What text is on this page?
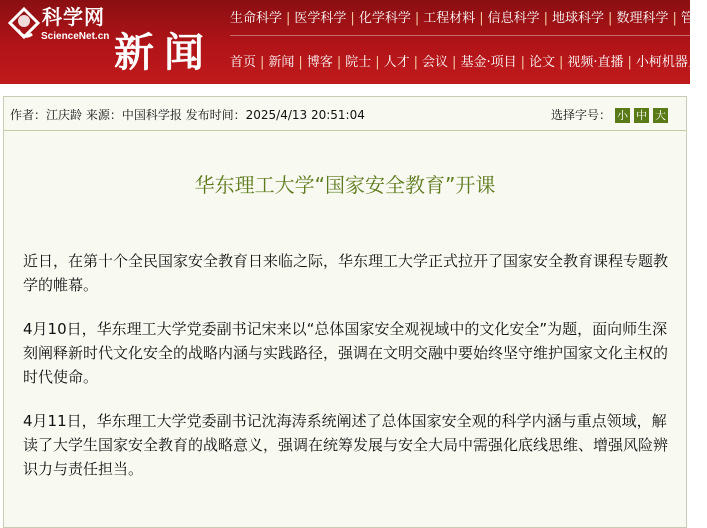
科学网
ScienceNet.cn 新闻
生命科学 | 医学科学 | 化学科学 | 工程材料 | 信息科学 | 地球科学 | 数理科学 | 管理
首页 | 新闻 | 博客 | 院士 | 人才 | 会议 | 基金·项目 | 论文 | 视频·直播 | 小柯机器人
作者：江庆龄 来源：中国科学报 发布时间：2025/4/13 20:51:04	选择字号： 小 中 大
华东理工大学“国家安全教育”开课

近日，在第十个全民国家安全教育日来临之际，华东理工大学正式拉开了国家安全教育课程专题教学的帷幕。

4月10日，华东理工大学党委副书记宋来以“总体国家安全观视域中的文化安全”为题，面向师生深刻阐释新时代文化安全的战略内涵与实践路径，强调在文明交融中要始终坚守维护国家文化主权的时代使命。

4月11日，华东理工大学党委副书记沈海涛系统阐述了总体国家安全观的科学内涵与重点领域，解读了大学生国家安全教育的战略意义，强调在统筹发展与安全大局中需强化底线思维、增强风险辨识力与责任担当。
